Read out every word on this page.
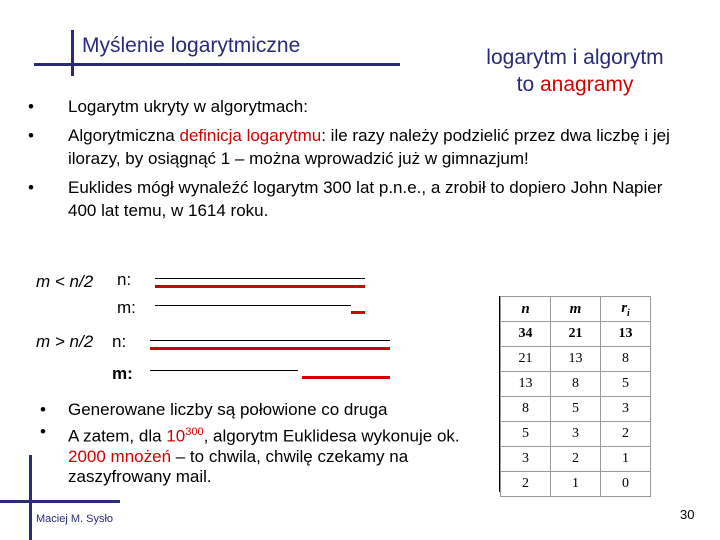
Myślenie logarytmiczne
logarytm i algorytm
to anagramy
• Logarytm ukryty w algorytmach:
• Algorytmiczna definicja logarytmu: ile razy należy podzielić przez dwa liczbę i jej ilorazy, by osiągnąć 1 – można wprowadzić już w gimnazjum!
• Euklides mógł wynaleźć logarytm 300 lat p.n.e., a zrobił to dopiero John Napier 400 lat temu, w 1614 roku.
m < n/2 n:
m:
m > n/2 n:
m:
• Generowane liczby są połowione co druga
• A zatem, dla $10^{300}$, algorytm Euklidesa wykonuje ok. 2000 mnożeń – to chwila, chwilę czekamy na zaszyfrowany mail.
n	m	$r_i$
34	21	13
21	13	8
13	8	5
8	5	3
5	3	2
3	2	1
2	1	0
Maciej M. Sysło	30
